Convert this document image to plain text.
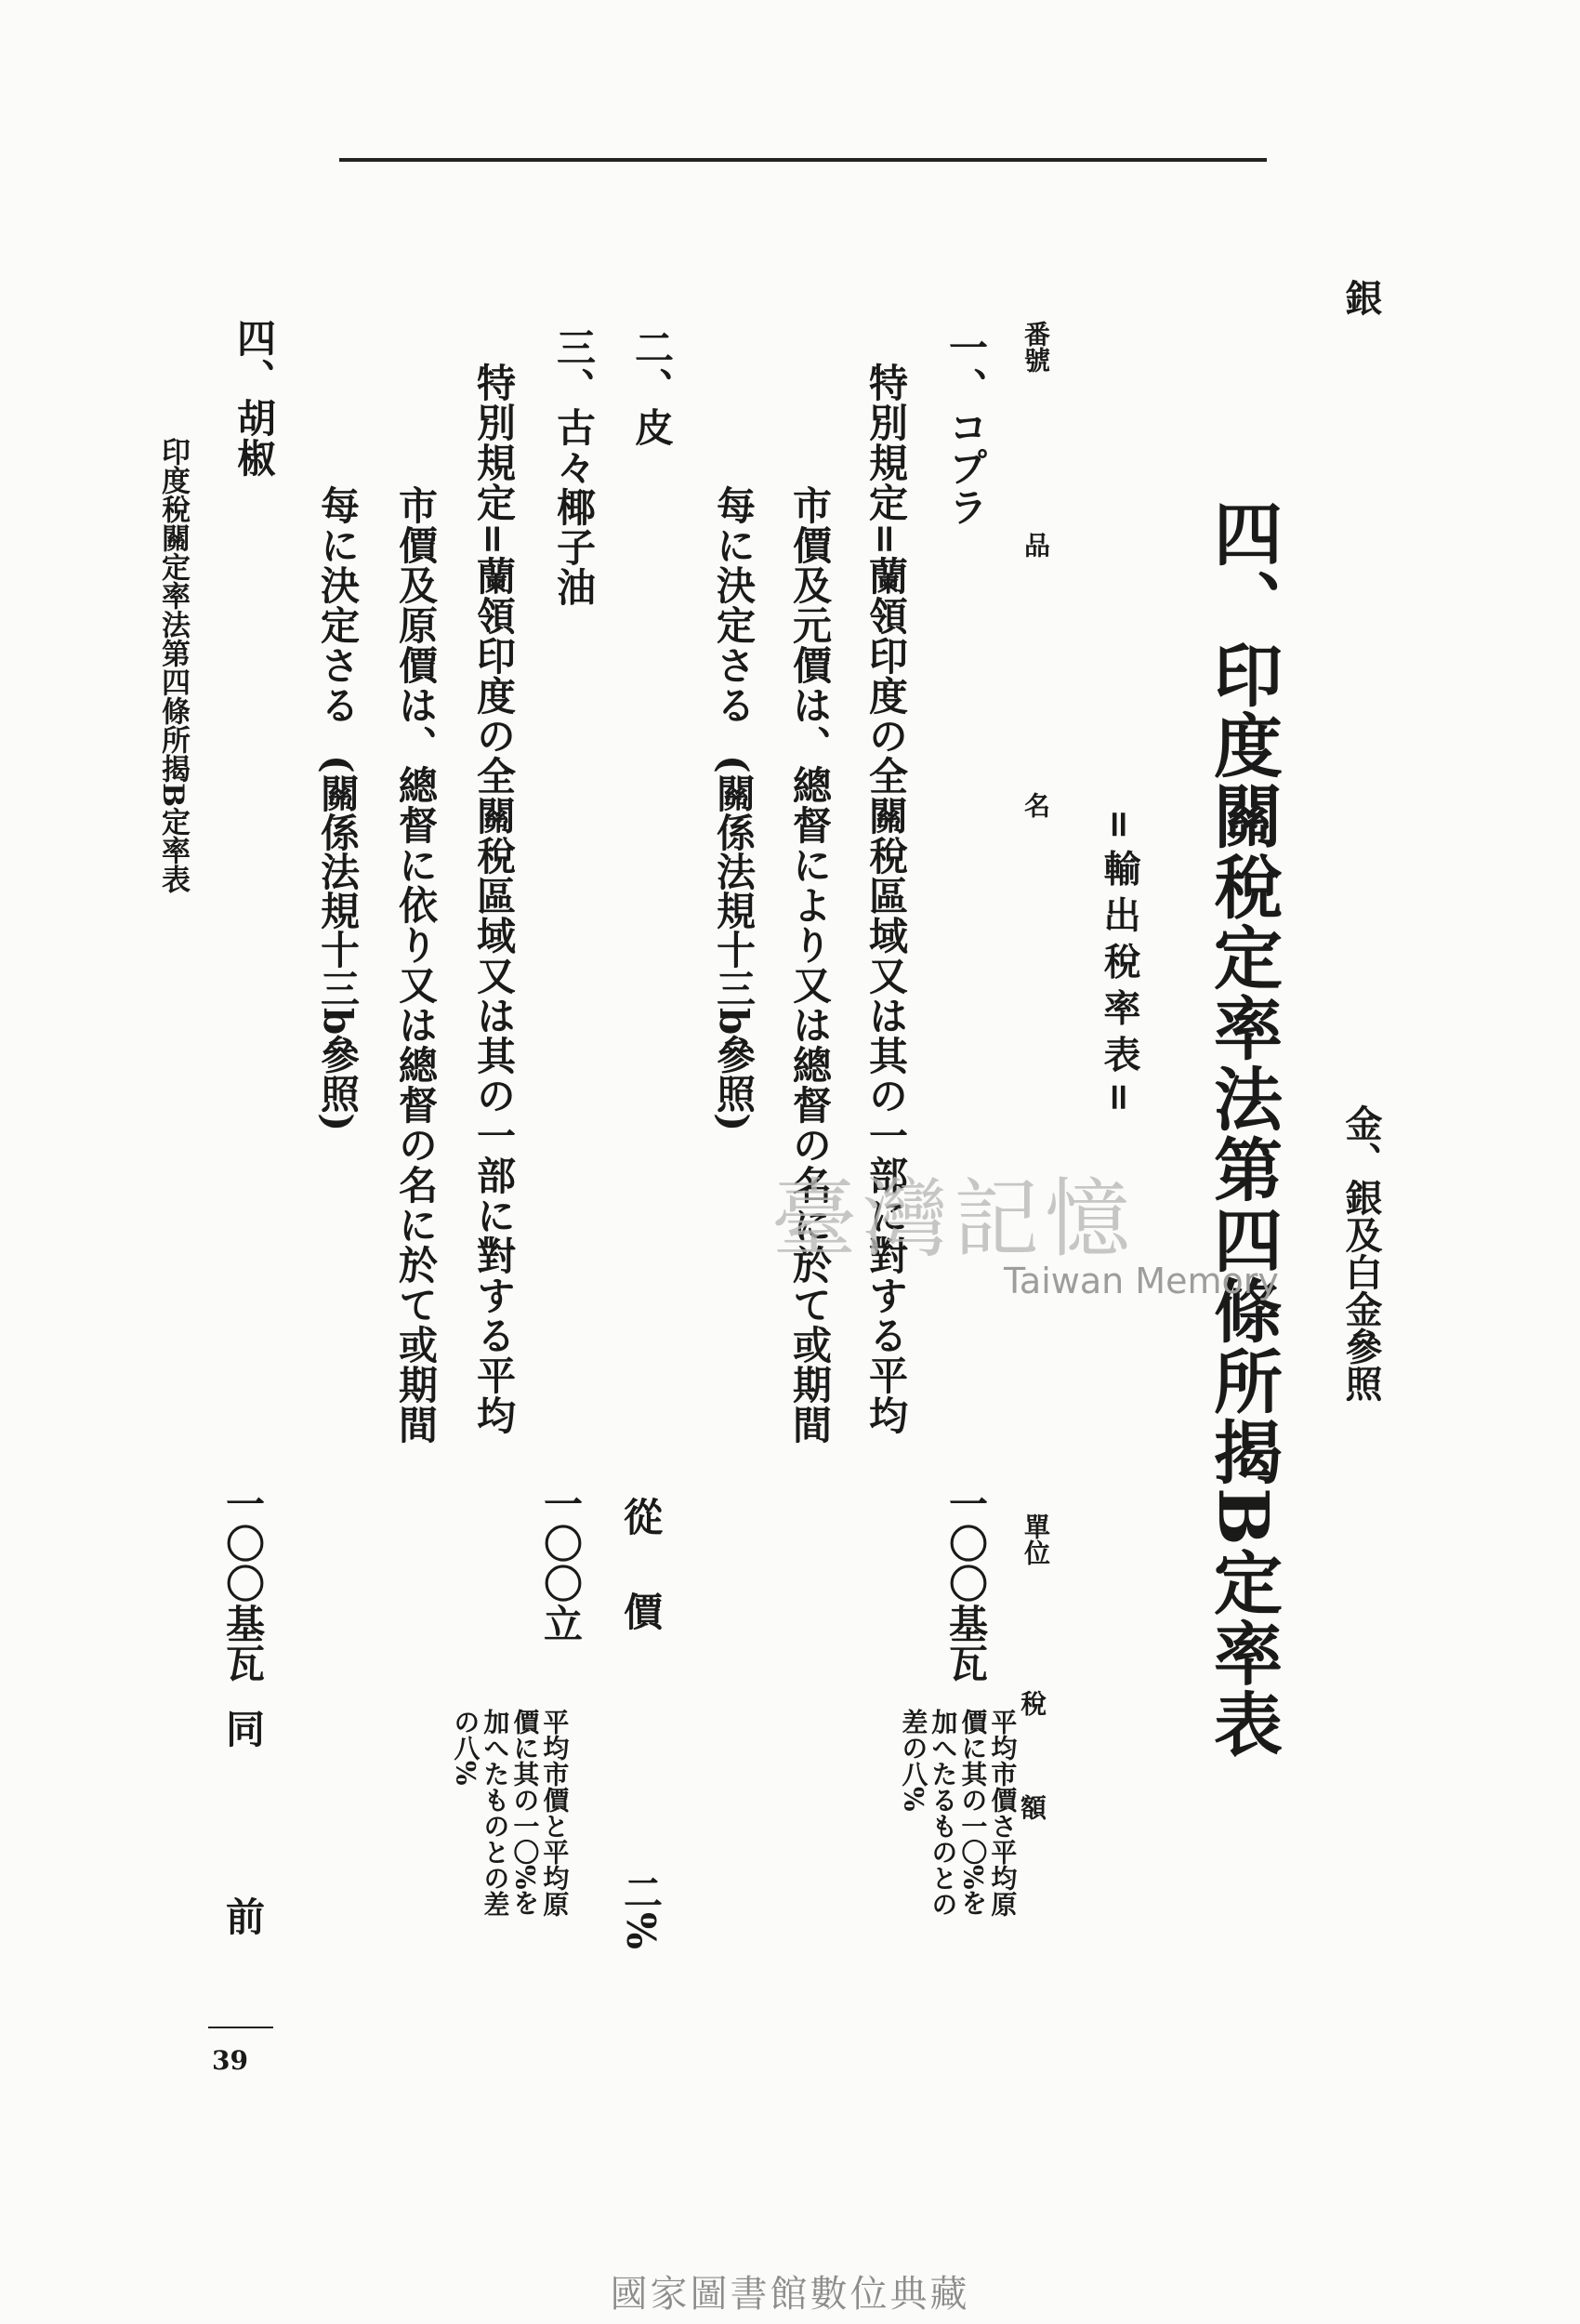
銀
金、銀及白金參照
四、印度關稅定率法第四條所揭B定率表
=輸出稅率表=
番號
品　　　　　　　　　名
單位
稅　　　額
一、コプラ
特別規定=蘭領印度の全關稅區域又は其の一部に對する平均
市價及元價は、總督により又は總督の名に於て或期間
每に決定さる
(關係法規十三b參照)
一〇〇基瓦
平均市價さ平均原
價に其の一〇%を
加へたるものとの
差の八%
二、皮
從價
二%
三、古々椰子油
特別規定=蘭領印度の全關稅區域又は其の一部に對する平均
市價及原價は、總督に依り又は總督の名に於て或期間
每に決定さる
(關係法規十三b參照)
一〇〇立
平均市價と平均原
價に其の一〇%を
加へたものとの差
の八%
四、胡椒
一〇〇基瓦
同
前
印度稅關定率法第四條所揭B定率表
臺灣記憶
Taiwan Memory
39
國家圖書館數位典藏
